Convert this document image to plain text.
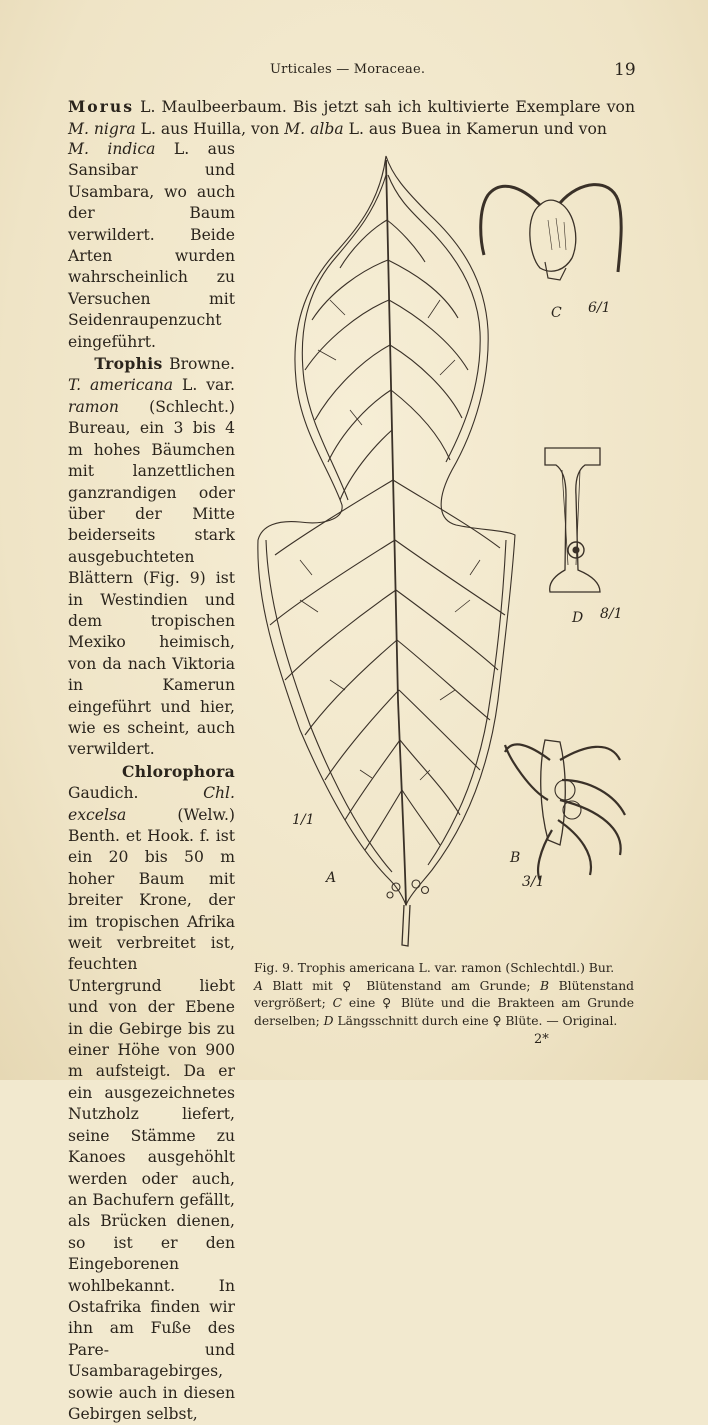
Urticales — Moraceae.	19
Morus L. Maulbeerbaum. Bis jetzt sah ich kultivierte Exemplare von M. nigra L. aus Huilla, von M. alba L. aus Buea in Kamerun und von

M. indica L. aus Sansibar und Usambara, wo auch der Baum verwildert. Beide Arten wurden wahrscheinlich zu Versuchen mit Seidenraupenzucht eingeführt.

Trophis Browne. T. americana L. var. ramon (Schlecht.) Bureau, ein 3 bis 4 m hohes Bäumchen mit lanzettlichen ganzrandigen oder über der Mitte beiderseits stark ausgebuchteten Blättern (Fig. 9) ist in Westindien und dem tropischen Mexiko heimisch, von da nach Viktoria in Kamerun eingeführt und hier, wie es scheint, auch verwildert.

Chlorophora Gaudich. Chl. excelsa (Welw.) Benth. et Hook. f. ist ein 20 bis 50 m hoher Baum mit breiter Krone, der im tropischen Afrika weit verbreitet ist, feuchten Untergrund liebt und von der Ebene in die Gebirge bis zu einer Höhe von 900 m aufsteigt. Da er ein ausgezeichnetes Nutzholz liefert, seine Stämme zu Kanoes ausgehöhlt werden oder auch, an Bachufern gefällt, als Brücken dienen, so ist er den Eingeborenen wohlbekannt. In Ostafrika finden wir ihn am Fuße des Pare- und Usambaragebirges, sowie auch in diesen Gebirgen selbst,

A
1/1
B
3/1
C 6/1
D 8/1
Fig. 9. Trophis americana L. var. ramon (Schlechtdl.) Bur.
A Blatt mit ♀ Blütenstand am Grunde; B Blütenstand vergrößert; C eine ♀ Blüte und die Brakteen am Grunde derselben; D Längsschnitt durch eine ♀ Blüte. — Original.
2*
